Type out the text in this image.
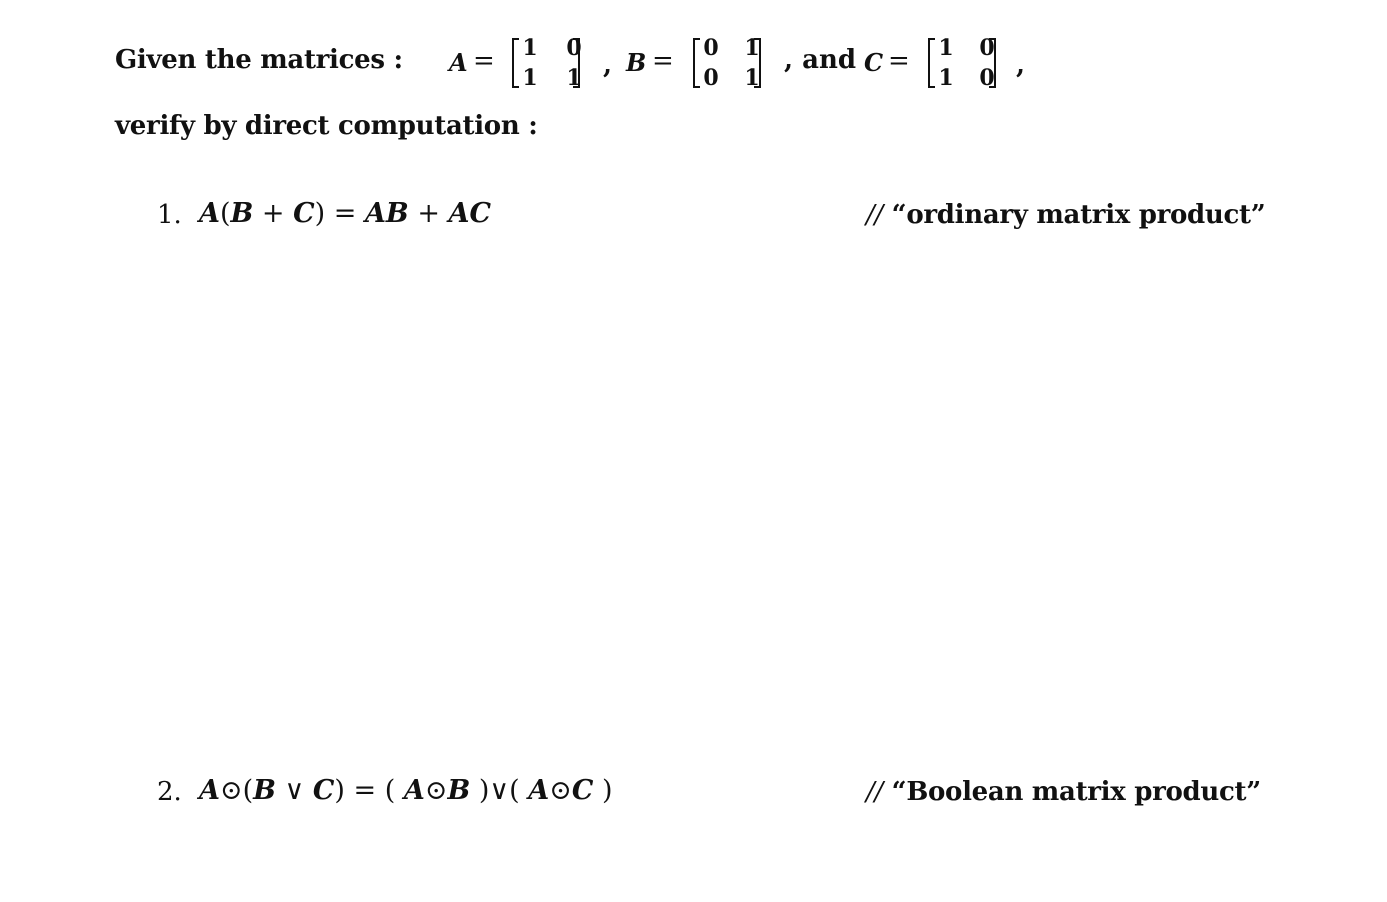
Given the matrices : A = 1 0
1 1 , B = 0 1
0 1
, and C = 1 0
1 0 ,
verify by direct computation :
1. A(B + C) = AB + AC	// “ordinary matrix product”
2. A⊙(B ∨ C) = ( A⊙B )∨( A⊙C )	// “Boolean matrix product”
